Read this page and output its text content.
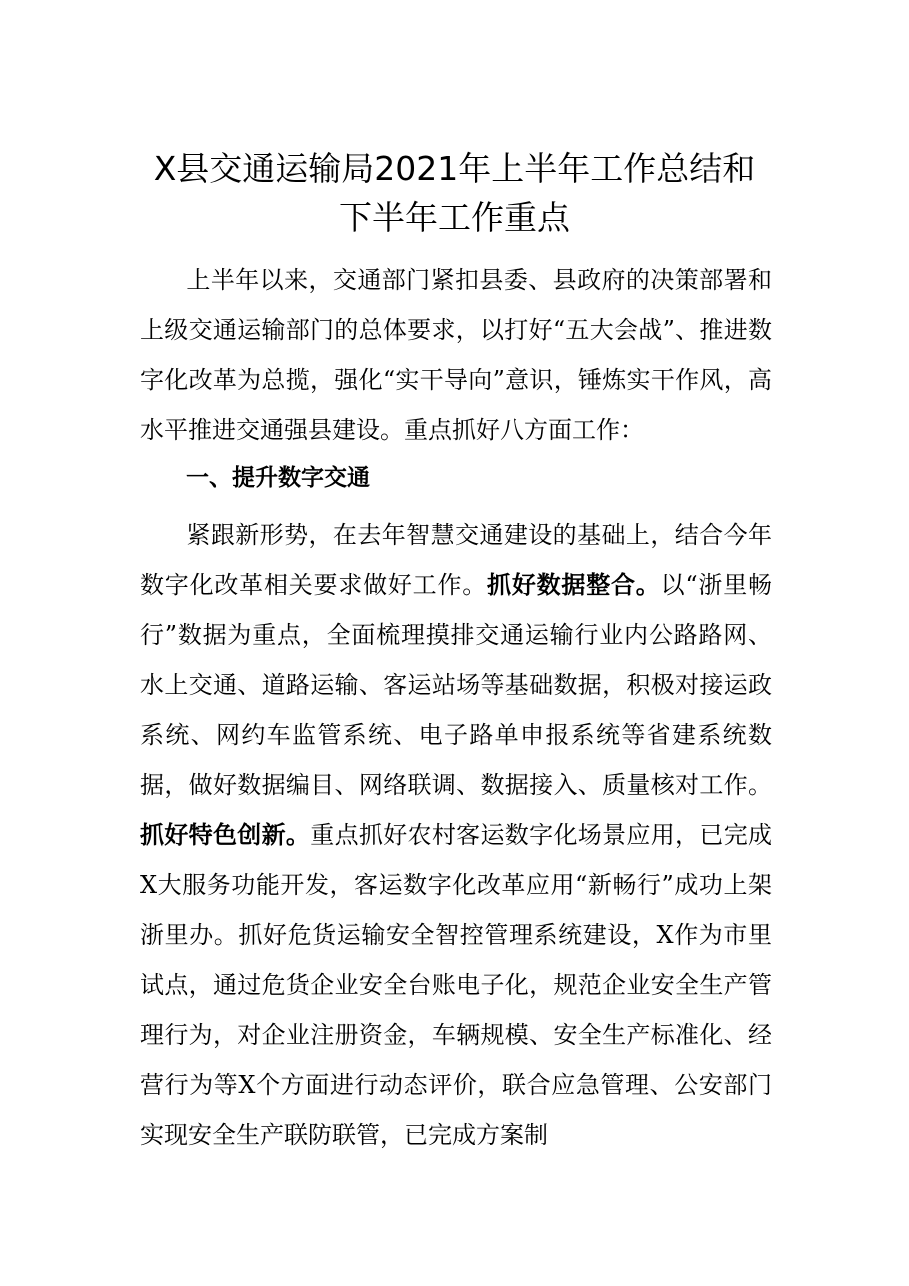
X县交通运输局2021年上半年工作总结和
下半年工作重点

上半年以来，交通部门紧扣县委、县政府的决策部署和上级交通运输部门的总体要求，以打好“五大会战”、推进数字化改革为总揽，强化“实干导向”意识，锤炼实干作风，高水平推进交通强县建设。重点抓好八方面工作：

一、提升数字交通

紧跟新形势，在去年智慧交通建设的基础上，结合今年数字化改革相关要求做好工作。抓好数据整合。以“浙里畅行”数据为重点，全面梳理摸排交通运输行业内公路路网、水上交通、道路运输、客运站场等基础数据，积极对接运政系统、网约车监管系统、电子路单申报系统等省建系统数据，做好数据编目、网络联调、数据接入、质量核对工作。抓好特色创新。重点抓好农村客运数字化场景应用，已完成X大服务功能开发，客运数字化改革应用“新畅行”成功上架浙里办。抓好危货运输安全智控管理系统建设，X作为市里试点，通过危货企业安全台账电子化，规范企业安全生产管理行为，对企业注册资金，车辆规模、安全生产标准化、经营行为等X个方面进行动态评价，联合应急管理、公安部门实现安全生产联防联管，已完成方案制
